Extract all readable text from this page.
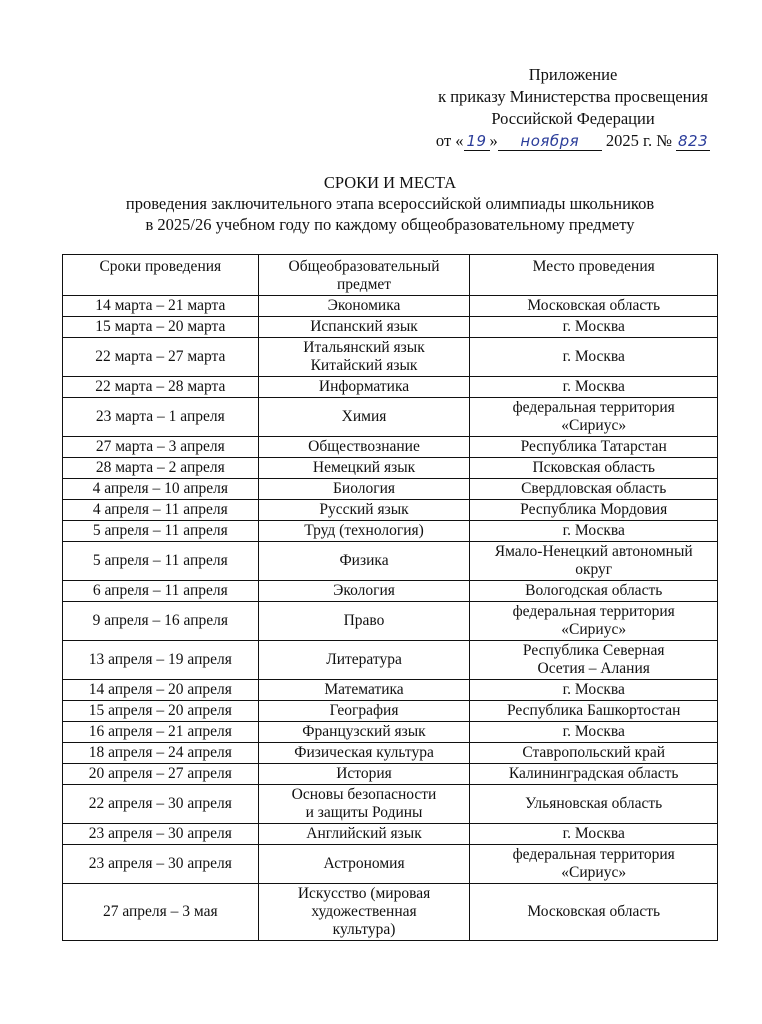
Приложение
к приказу Министерства просвещения
Российской Федерации
от « 19 » ноября 2025 г. № 823
СРОКИ И МЕСТА
проведения заключительного этапа всероссийской олимпиады школьников
в 2025/26 учебном году по каждому общеобразовательному предмету
Сроки проведения	Общеобразовательный предмет	Место проведения
14 марта – 21 марта	Экономика	Московская область

15 марта – 20 марта	Испанский язык	г. Москва

22 марта – 27 марта	Итальянский язык
Китайский язык	г. Москва

22 марта – 28 марта	Информатика	г. Москва

23 марта – 1 апреля	Химия	федеральная территория
«Сириус»

27 марта – 3 апреля	Обществознание	Республика Татарстан

28 марта – 2 апреля	Немецкий язык	Псковская область

4 апреля – 10 апреля	Биология	Свердловская область

4 апреля – 11 апреля	Русский язык	Республика Мордовия

5 апреля – 11 апреля	Труд (технология)	г. Москва

5 апреля – 11 апреля	Физика	Ямало-Ненецкий автономный
округ

6 апреля – 11 апреля	Экология	Вологодская область

9 апреля – 16 апреля	Право	федеральная территория
«Сириус»

13 апреля – 19 апреля	Литература	Республика Северная
Осетия – Алания

14 апреля – 20 апреля	Математика	г. Москва

15 апреля – 20 апреля	География	Республика Башкортостан

16 апреля – 21 апреля	Французский язык	г. Москва

18 апреля – 24 апреля	Физическая культура	Ставропольский край

20 апреля – 27 апреля	История	Калининградская область

22 апреля – 30 апреля	Основы безопасности
и защиты Родины	Ульяновская область

23 апреля – 30 апреля	Английский язык	г. Москва

23 апреля – 30 апреля	Астрономия	федеральная территория
«Сириус»

27 апреля – 3 мая	Искусство (мировая
художественная
культура)	Московская область
